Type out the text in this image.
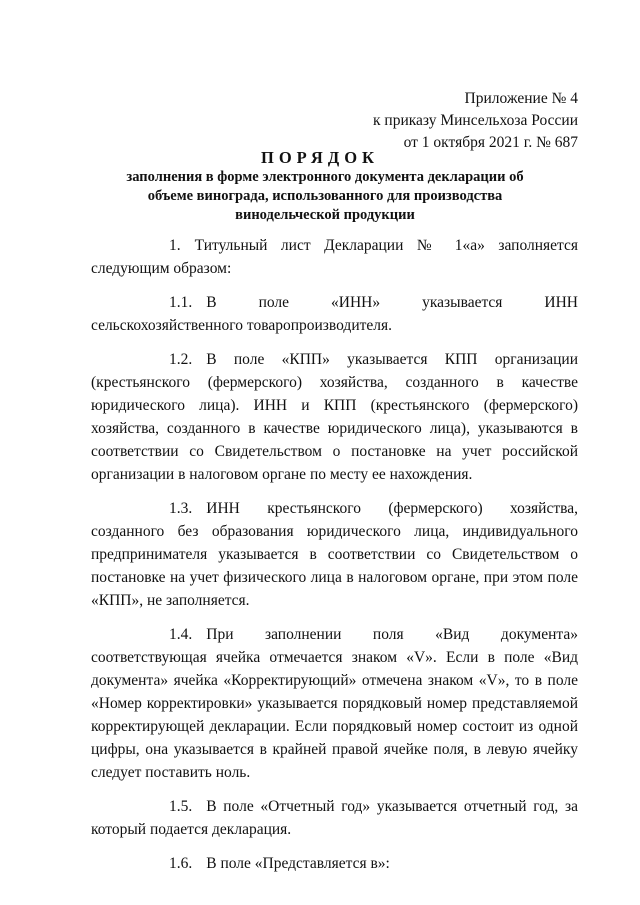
Приложение № 4
к приказу Минсельхоза России
от 1 октября 2021 г. № 687
ПОРЯДОК
заполнения в форме электронного документа декларации об объеме винограда, использованного для производства винодельческой продукции

1. Титульный лист Декларации № 1«а» заполняется следующим образом:

1.1. В поле «ИНН» указывается ИНН сельскохозяйственного товаропроизводителя.

1.2. В поле «КПП» указывается КПП организации (крестьянского (фермерского) хозяйства, созданного в качестве юридического лица). ИНН и КПП (крестьянского (фермерского) хозяйства, созданного в качестве юридического лица), указываются в соответствии со Свидетельством о постановке на учет российской организации в налоговом органе по месту ее нахождения.

1.3. ИНН крестьянского (фермерского) хозяйства, созданного без образования юридического лица, индивидуального предпринимателя указывается в соответствии со Свидетельством о постановке на учет физического лица в налоговом органе, при этом поле «КПП», не заполняется.

1.4. При заполнении поля «Вид документа» соответствующая ячейка отмечается знаком «V». Если в поле «Вид документа» ячейка «Корректирующий» отмечена знаком «V», то в поле «Номер корректировки» указывается порядковый номер представляемой корректирующей декларации. Если порядковый номер состоит из одной цифры, она указывается в крайней правой ячейке поля, в левую ячейку следует поставить ноль.

1.5. В поле «Отчетный год» указывается отчетный год, за который подается декларация.

1.6. В поле «Представляется в»:
